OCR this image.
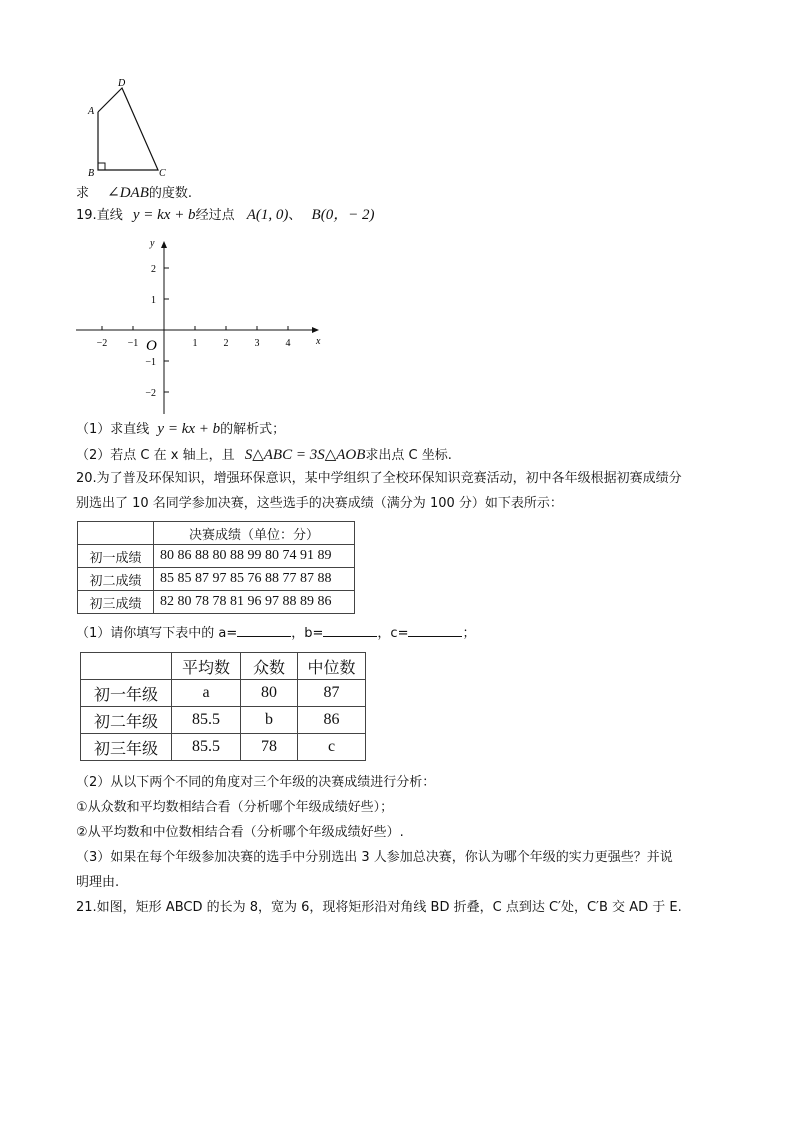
A
D
B	C
求 ∠DAB的度数.
19.直线 y = kx + b经过点 A(1, 0)、 B(0，− 2)
−2 −1	1	2	3	4
2
1
−1
−2
x
y
O
（1）求直线 y = kx + b的解析式；
（2）若点 C 在 x 轴上，且 S△ABC = 3S△AOB求出点 C 坐标.
20.为了普及环保知识，增强环保意识，某中学组织了全校环保知识竞赛活动，初中各年级根据初赛成绩分
别选出了 10 名同学参加决赛，这些选手的决赛成绩（满分为 100 分）如下表所示：
	决赛成绩（单位：分）
初一成绩	80 86 88 80 88 99 80 74 91 89
初二成绩	85 85 87 97 85 76 88 77 87 88
初三成绩	82 80 78 78 81 96 97 88 89 86
（1）请你填写下表中的 a=	，b=	，c=	；
	平均数	众数	中位数
初一年级	a	80	87
初二年级	85.5	b	86
初三年级	85.5	78	c
（2）从以下两个不同的角度对三个年级的决赛成绩进行分析：
①从众数和平均数相结合看（分析哪个年级成绩好些）；
②从平均数和中位数相结合看（分析哪个年级成绩好些）.
（3）如果在每个年级参加决赛的选手中分别选出 3 人参加总决赛，你认为哪个年级的实力更强些？并说
明理由.
21.如图，矩形 ABCD 的长为 8，宽为 6，现将矩形沿对角线 BD 折叠，C 点到达 C′处，C′B 交 AD 于 E.
